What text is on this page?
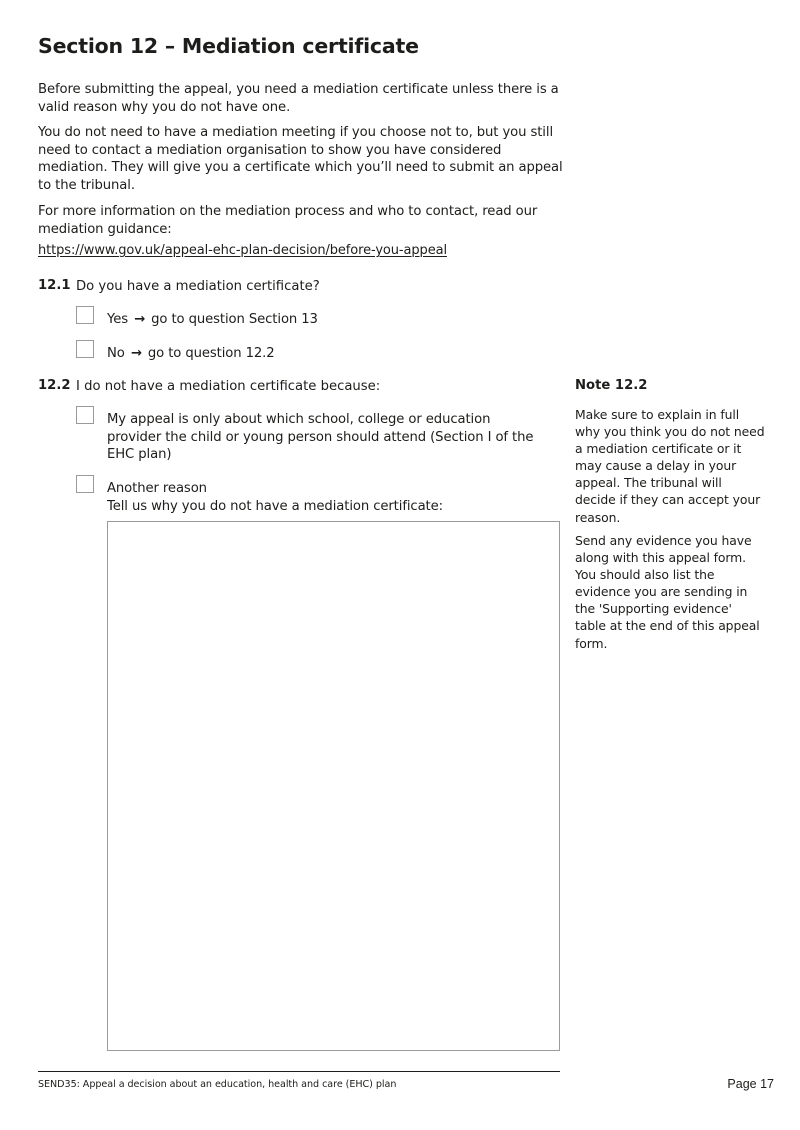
Section 12 – Mediation certificate

Before submitting the appeal, you need a mediation certificate unless there is a valid reason why you do not have one.

You do not need to have a mediation meeting if you choose not to, but you still need to contact a mediation organisation to show you have considered mediation. They will give you a certificate which you’ll need to submit an appeal to the tribunal.

For more information on the mediation process and who to contact, read our mediation guidance:

https://www.gov.uk/appeal-ehc-plan-decision/before-you-appeal
12.1 Do you have a mediation certificate?
Yes → go to question Section 13
No → go to question 12.2
12.2 I do not have a mediation certificate because:
My appeal is only about which school, college or education provider the child or young person should attend (Section I of the EHC plan)
Another reason
Tell us why you do not have a mediation certificate:
Note 12.2

Make sure to explain in full why you think you do not need a mediation certificate or it may cause a delay in your appeal. The tribunal will decide if they can accept your reason.

Send any evidence you have along with this appeal form. You should also list the evidence you are sending in the 'Supporting evidence' table at the end of this appeal form.

SEND35: Appeal a decision about an education, health and care (EHC) plan	Page 17
